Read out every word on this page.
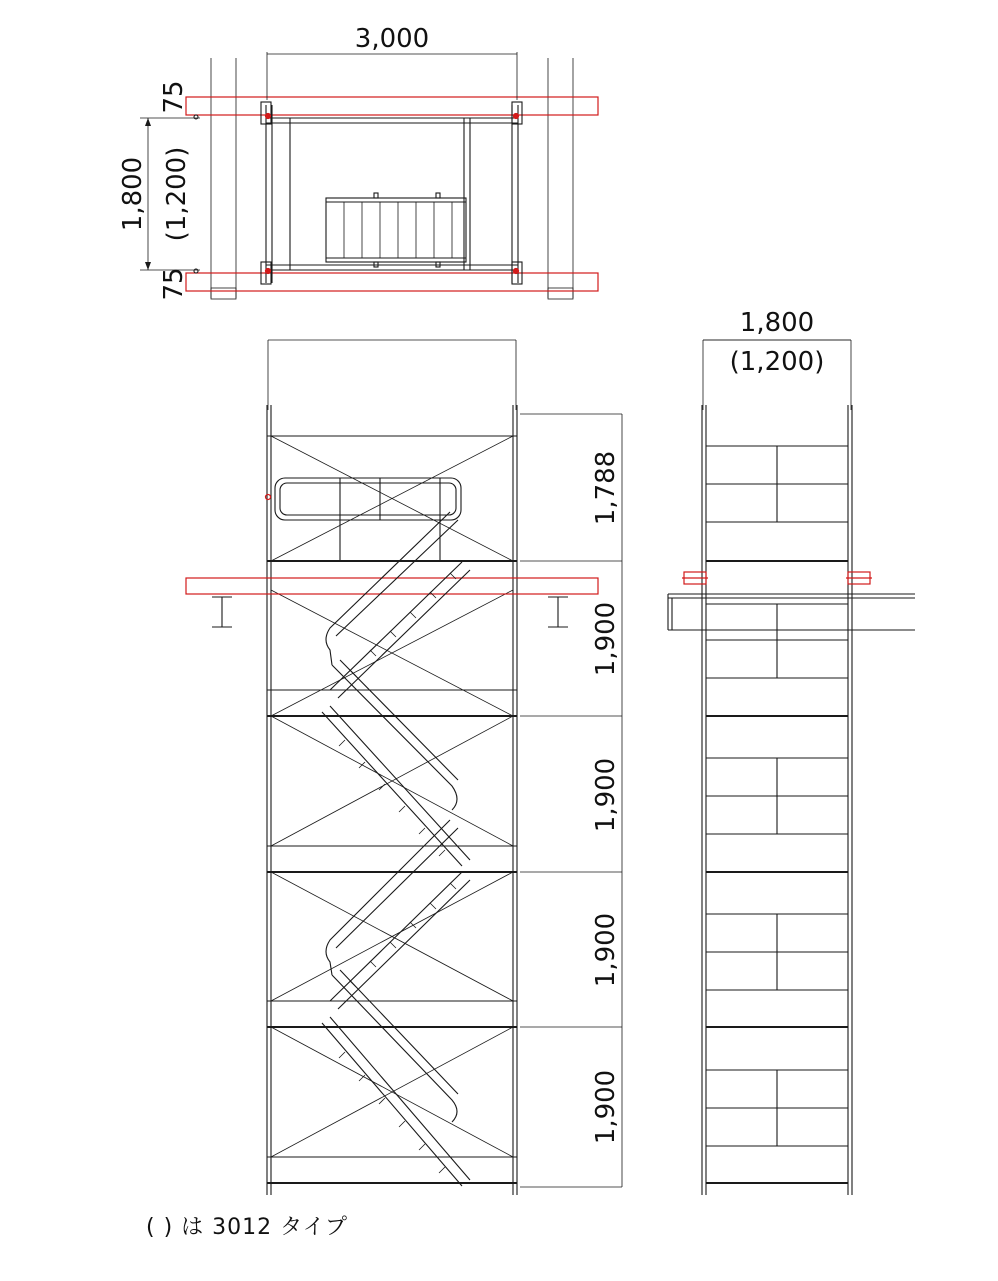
3,000
75
1,800 (1,200)
75
1,788
1,900
1,900
1,900
1,900
1,800
(1,200)
( ) は 3012 タイプ
